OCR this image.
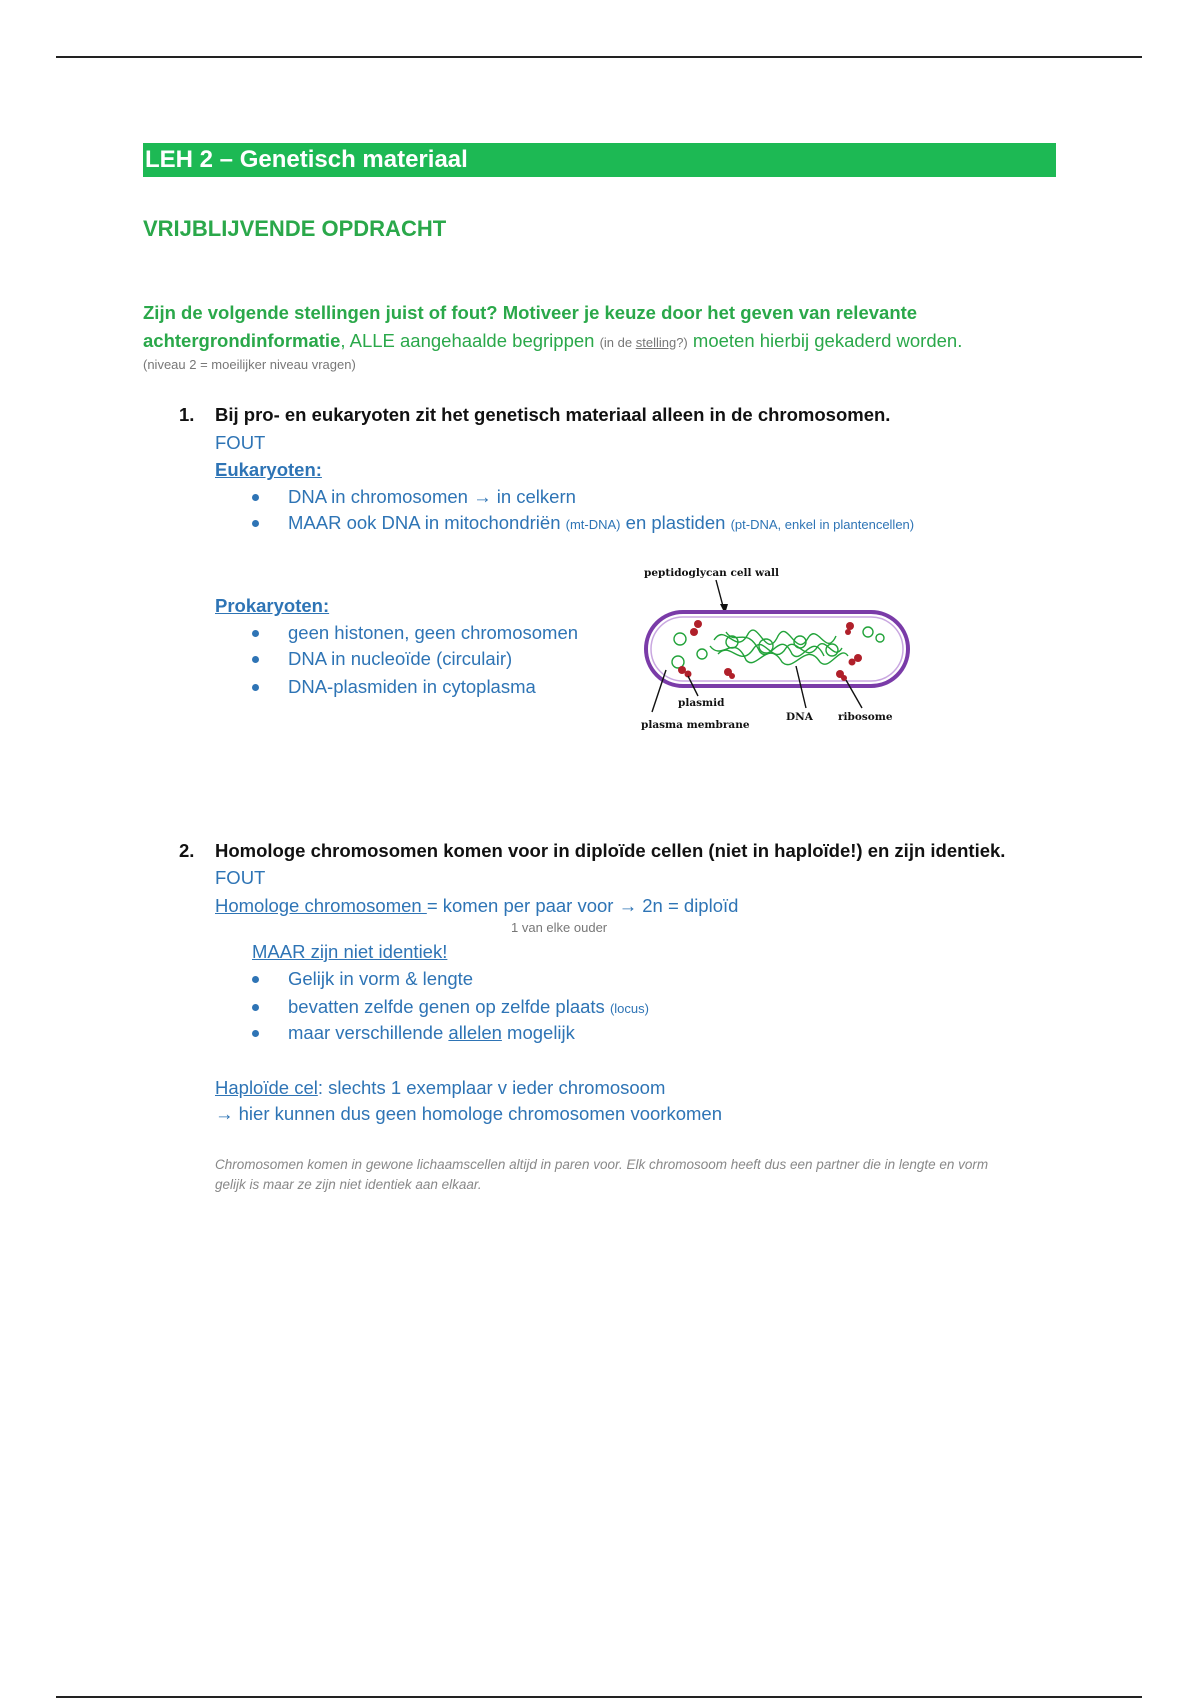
LEH 2 – Genetisch materiaal
VRIJBLIJVENDE OPDRACHT
Zijn de volgende stellingen juist of fout? Motiveer je keuze door het geven van relevante
achtergrondinformatie, ALLE aangehaalde begrippen (in de stelling?) moeten hierbij gekaderd worden.
(niveau 2 = moeilijker niveau vragen)
1. Bij pro- en eukaryoten zit het genetisch materiaal alleen in de chromosomen.
FOUT
Eukaryoten:
DNA in chromosomen → in celkern
MAAR ook DNA in mitochondriën (mt-DNA) en plastiden (pt-DNA, enkel in plantencellen)
Prokaryoten:
geen histonen, geen chromosomen
DNA in nucleoïde (circulair)
DNA-plasmiden in cytoplasma
peptidoglycan cell wall
plasmid
plasma membrane
DNA ribosome
2. Homologe chromosomen komen voor in diploïde cellen (niet in haploïde!) en zijn identiek.
FOUT
Homologe chromosomen = komen per paar voor → 2n = diploïd
1 van elke ouder
MAAR zijn niet identiek!
Gelijk in vorm & lengte
bevatten zelfde genen op zelfde plaats (locus)
maar verschillende allelen mogelijk
Haploïde cel: slechts 1 exemplaar v ieder chromosoom
→ hier kunnen dus geen homologe chromosomen voorkomen
Chromosomen komen in gewone lichaamscellen altijd in paren voor. Elk chromosoom heeft dus een partner die in lengte en vorm
gelijk is maar ze zijn niet identiek aan elkaar.
